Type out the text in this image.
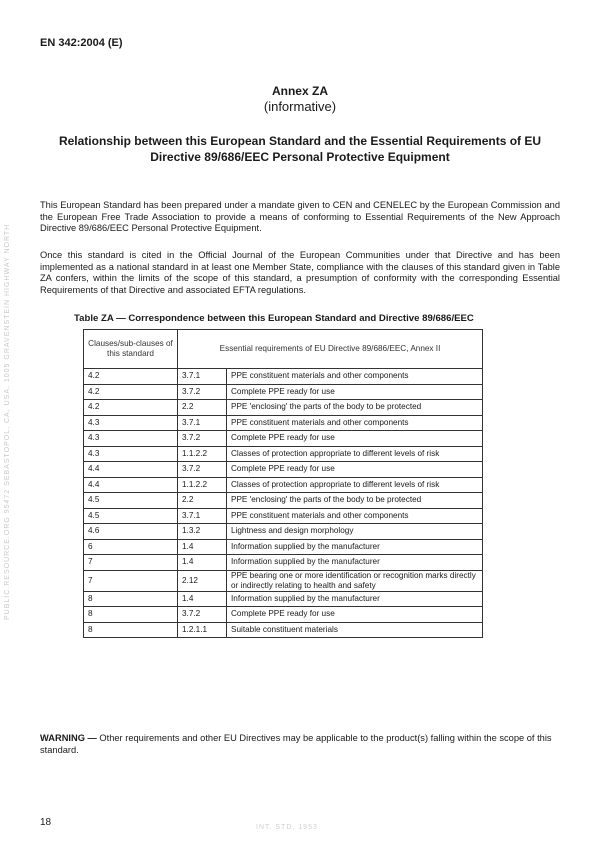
EN 342:2004 (E)
Annex ZA
(informative)
Relationship between this European Standard and the Essential Requirements of EU Directive 89/686/EEC Personal Protective Equipment
This European Standard has been prepared under a mandate given to CEN and CENELEC by the European Commission and the European Free Trade Association to provide a means of conforming to Essential Requirements of the New Approach Directive 89/686/EEC Personal Protective Equipment.
Once this standard is cited in the Official Journal of the European Communities under that Directive and has been implemented as a national standard in at least one Member State, compliance with the clauses of this standard given in Table ZA confers, within the limits of the scope of this standard, a presumption of conformity with the corresponding Essential Requirements of that Directive and associated EFTA regulations.
Table ZA — Correspondence between this European Standard and Directive 89/686/EEC
Clauses/sub-clauses of this standard	Essential requirements of EU Directive 89/686/EEC, Annex II	
4.2	3.7.1	PPE constituent materials and other components
4.2	3.7.2	Complete PPE ready for use
4.2	2.2	PPE 'enclosing' the parts of the body to be protected
4.3	3.7.1	PPE constituent materials and other components
4.3	3.7.2	Complete PPE ready for use
4.3	1.1.2.2	Classes of protection appropriate to different levels of risk
4.4	3.7.2	Complete PPE ready for use
4.4	1.1.2.2	Classes of protection appropriate to different levels of risk
4.5	2.2	PPE 'enclosing' the parts of the body to be protected
4.5	3.7.1	PPE constituent materials and other components
4.6	1.3.2	Lightness and design morphology
6	1.4	Information supplied by the manufacturer
7	1.4	Information supplied by the manufacturer
7	2.12	PPE bearing one or more identification or recognition marks directly or indirectly relating to health and safety
8	1.4	Information supplied by the manufacturer
8	3.7.2	Complete PPE ready for use
8	1.2.1.1	Suitable constituent materials
PUBLIC.RESOURCE.ORG 95472 SEBASTOPOL, CA, USA, 1005 GRAVENSTEIN HIGHWAY NORTH
WARNING — Other requirements and other EU Directives may be applicable to the product(s) falling within the scope of this standard.
18	INT. STD. 1953
